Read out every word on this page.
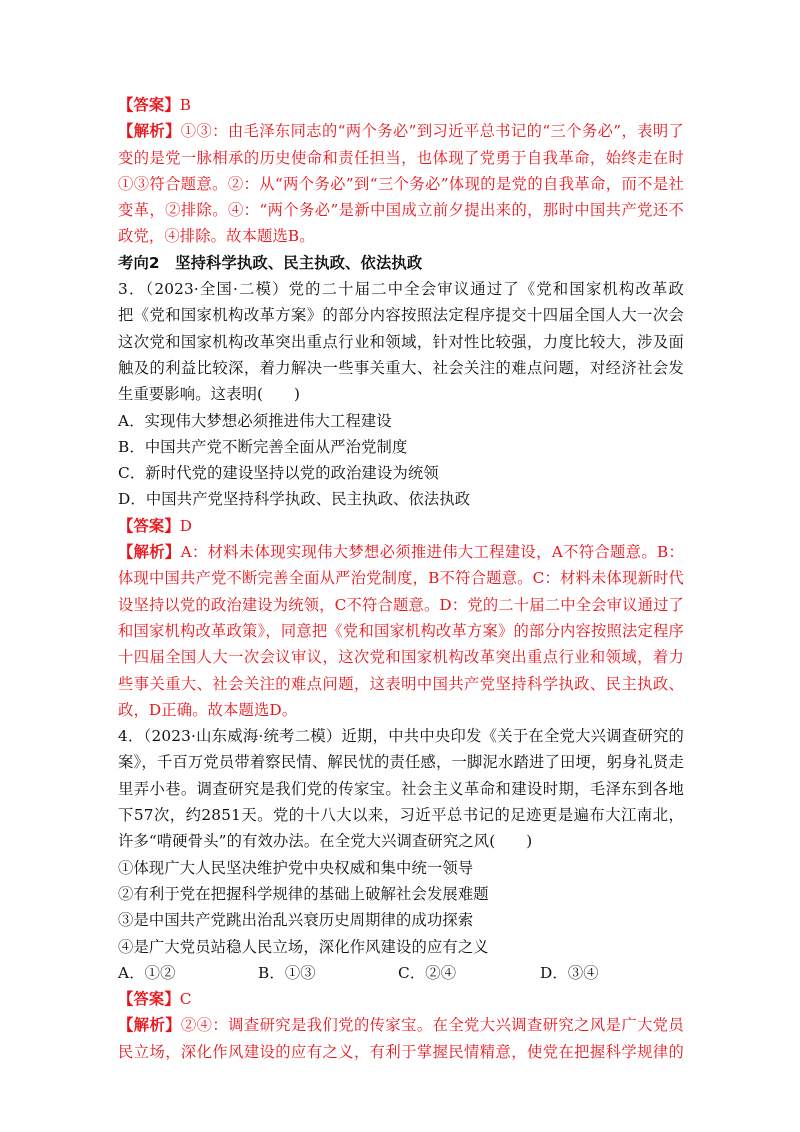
【答案】B
【解析】①③：由毛泽东同志的“两个务必”到习近平总书记的“三个务必”，表明了
变的是党一脉相承的历史使命和责任担当，也体现了党勇于自我革命，始终走在时
①③符合题意。②：从“两个务必”到“三个务必”体现的是党的自我革命，而不是社
变革，②排除。④：“两个务必”是新中国成立前夕提出来的，那时中国共产党还不
政党，④排除。故本题选B。
考向2　坚持科学执政、民主执政、依法执政
3．（2023·全国·二模）党的二十届二中全会审议通过了《党和国家机构改革政
把《党和国家机构改革方案》的部分内容按照法定程序提交十四届全国人大一次会
这次党和国家机构改革突出重点行业和领域，针对性比较强，力度比较大，涉及面
触及的利益比较深，着力解决一些事关重大、社会关注的难点问题，对经济社会发
生重要影响。这表明(　　)
A．实现伟大梦想必须推进伟大工程建设
B．中国共产党不断完善全面从严治党制度
C．新时代党的建设坚持以党的政治建设为统领
D．中国共产党坚持科学执政、民主执政、依法执政
【答案】D
【解析】A：材料未体现实现伟大梦想必须推进伟大工程建设，A不符合题意。B：
体现中国共产党不断完善全面从严治党制度，B不符合题意。C：材料未体现新时代
设坚持以党的政治建设为统领，C不符合题意。D：党的二十届二中全会审议通过了
和国家机构改革政策》，同意把《党和国家机构改革方案》的部分内容按照法定程序
十四届全国人大一次会议审议，这次党和国家机构改革突出重点行业和领域，着力
些事关重大、社会关注的难点问题，这表明中国共产党坚持科学执政、民主执政、
政，D正确。故本题选D。
4．（2023·山东威海·统考二模）近期，中共中央印发《关于在全党大兴调查研究的
案》，千百万党员带着察民情、解民忧的责任感，一脚泥水踏进了田埂，躬身礼贤走
里弄小巷。调查研究是我们党的传家宝。社会主义革命和建设时期，毛泽东到各地
下57次，约2851天。党的十八大以来，习近平总书记的足迹更是遍布大江南北，
许多“啃硬骨头”的有效办法。在全党大兴调查研究之风(　　)
①体现广大人民坚决维护党中央权威和集中统一领导
②有利于党在把握科学规律的基础上破解社会发展难题
③是中国共产党跳出治乱兴衰历史周期律的成功探索
④是广大党员站稳人民立场，深化作风建设的应有之义
A．①②	B．①③	C．②④	D．③④
【答案】C
【解析】②④：调查研究是我们党的传家宝。在全党大兴调查研究之风是广大党员
民立场，深化作风建设的应有之义，有利于掌握民情精意，使党在把握科学规律的
